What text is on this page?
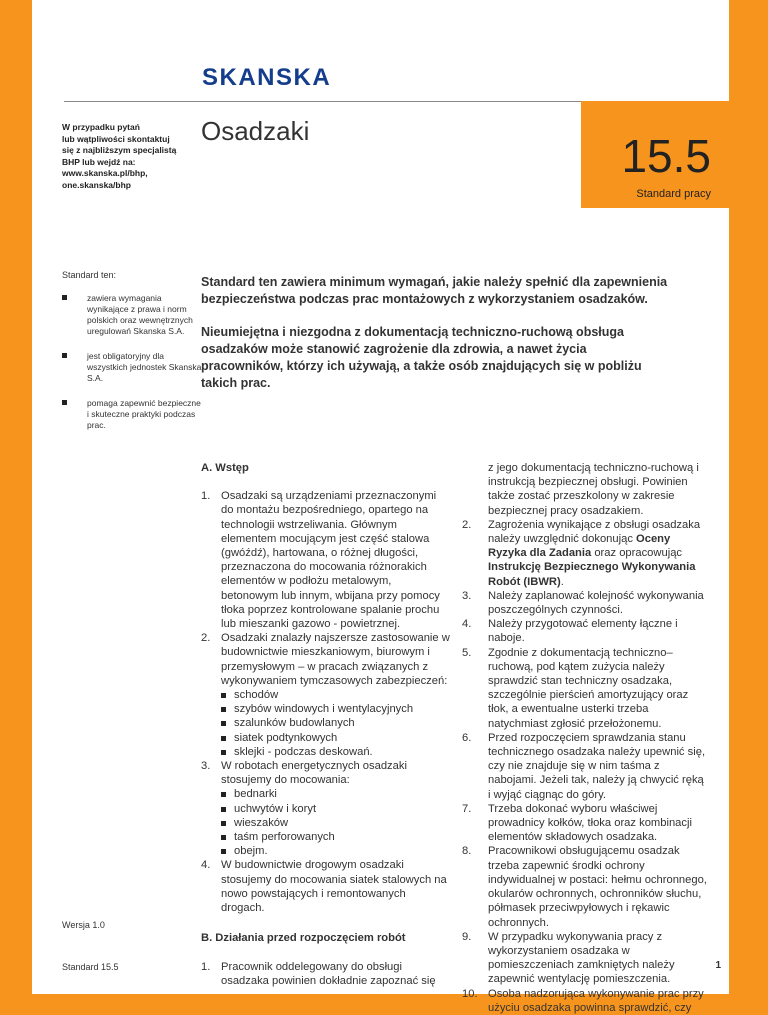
SKANSKA
W przypadku pytań
lub wątpliwości skontaktuj
się z najbliższym specjalistą
BHP lub wejdź na:
www.skanska.pl/bhp,
one.skanska/bhp
Osadzaki	15.5
Standard pracy
Standard ten:
zawiera wymagania wynikające z prawa i norm polskich oraz wewnętrznych uregulowań Skanska S.A.
jest obligatoryjny dla wszystkich jednostek Skanska S.A.
pomaga zapewnić bezpieczne i skuteczne praktyki podczas prac.

Standard ten zawiera minimum wymagań, jakie należy spełnić dla zapewnienia bezpieczeństwa podczas prac montażowych z wykorzystaniem osadzaków.

Nieumiejętna i niezgodna z dokumentacją techniczno-ruchową obsługa osadzaków może stanowić zagrożenie dla zdrowia, a nawet życia pracowników, którzy ich używają, a także osób znajdujących się w pobliżu takich prac.

A. Wstęp
1. Osadzaki są urządzeniami przeznaczonymi do montażu bezpośredniego, opartego na technologii wstrzeliwania. Głównym elementem mocującym jest część stalowa (gwóźdź), hartowana, o różnej długości, przeznaczona do mocowania różnorakich elementów w podłożu metalowym, betonowym lub innym, wbijana przy pomocy tłoka poprzez kontrolowane spalanie prochu lub mieszanki gazowo - powietrznej.
2. Osadzaki znalazły najszersze zastosowanie w budownictwie mieszkaniowym, biurowym i przemysłowym – w pracach związanych z wykonywaniem tymczasowych zabezpieczeń:
schodów
szybów windowych i wentylacyjnych
szalunków budowlanych
siatek podtynkowych
sklejki - podczas deskowań.
3. W robotach energetycznych osadzaki stosujemy do mocowania:
bednarki
uchwytów i koryt
wieszaków
taśm perforowanych
obejm.
4. W budownictwie drogowym osadzaki stosujemy do mocowania siatek stalowych na nowo powstających i remontowanych drogach.
B. Działania przed rozpoczęciem robót
1. Pracownik oddelegowany do obsługi osadzaka powinien dokładnie zapoznać się
z jego dokumentacją techniczno-ruchową i instrukcją bezpiecznej obsługi. Powinien także zostać przeszkolony w zakresie bezpiecznej pracy osadzakiem.
2. Zagrożenia wynikające z obsługi osadzaka należy uwzględnić dokonując Oceny Ryzyka dla Zadania oraz opracowując Instrukcję Bezpiecznego Wykonywania Robót (IBWR).
3. Należy zaplanować kolejność wykonywania poszczególnych czynności.
4. Należy przygotować elementy łączne i naboje.
5. Zgodnie z dokumentacją techniczno–ruchową, pod kątem zużycia należy sprawdzić stan techniczny osadzaka, szczególnie pierścień amortyzujący oraz tłok, a ewentualne usterki trzeba natychmiast zgłosić przełożonemu.
6. Przed rozpoczęciem sprawdzania stanu technicznego osadzaka należy upewnić się, czy nie znajduje się w nim taśma z nabojami. Jeżeli tak, należy ją chwycić ręką i wyjąć ciągnąc do góry.
7. Trzeba dokonać wyboru właściwej prowadnicy kołków, tłoka oraz kombinacji elementów składowych osadzaka.
8. Pracownikowi obsługującemu osadzak trzeba zapewnić środki ochrony indywidualnej w postaci: hełmu ochronnego, okularów ochronnych, ochronników słuchu, półmasek przeciwpyłowych i rękawic ochronnych.
9. W przypadku wykonywania pracy z wykorzystaniem osadzaka w pomieszczeniach zamkniętych należy zapewnić wentylację pomieszczenia.
10. Osoba nadzorująca wykonywanie prac przy użyciu osadzaka powinna sprawdzić, czy
Wersja 1.0
Standard 15.5	1
